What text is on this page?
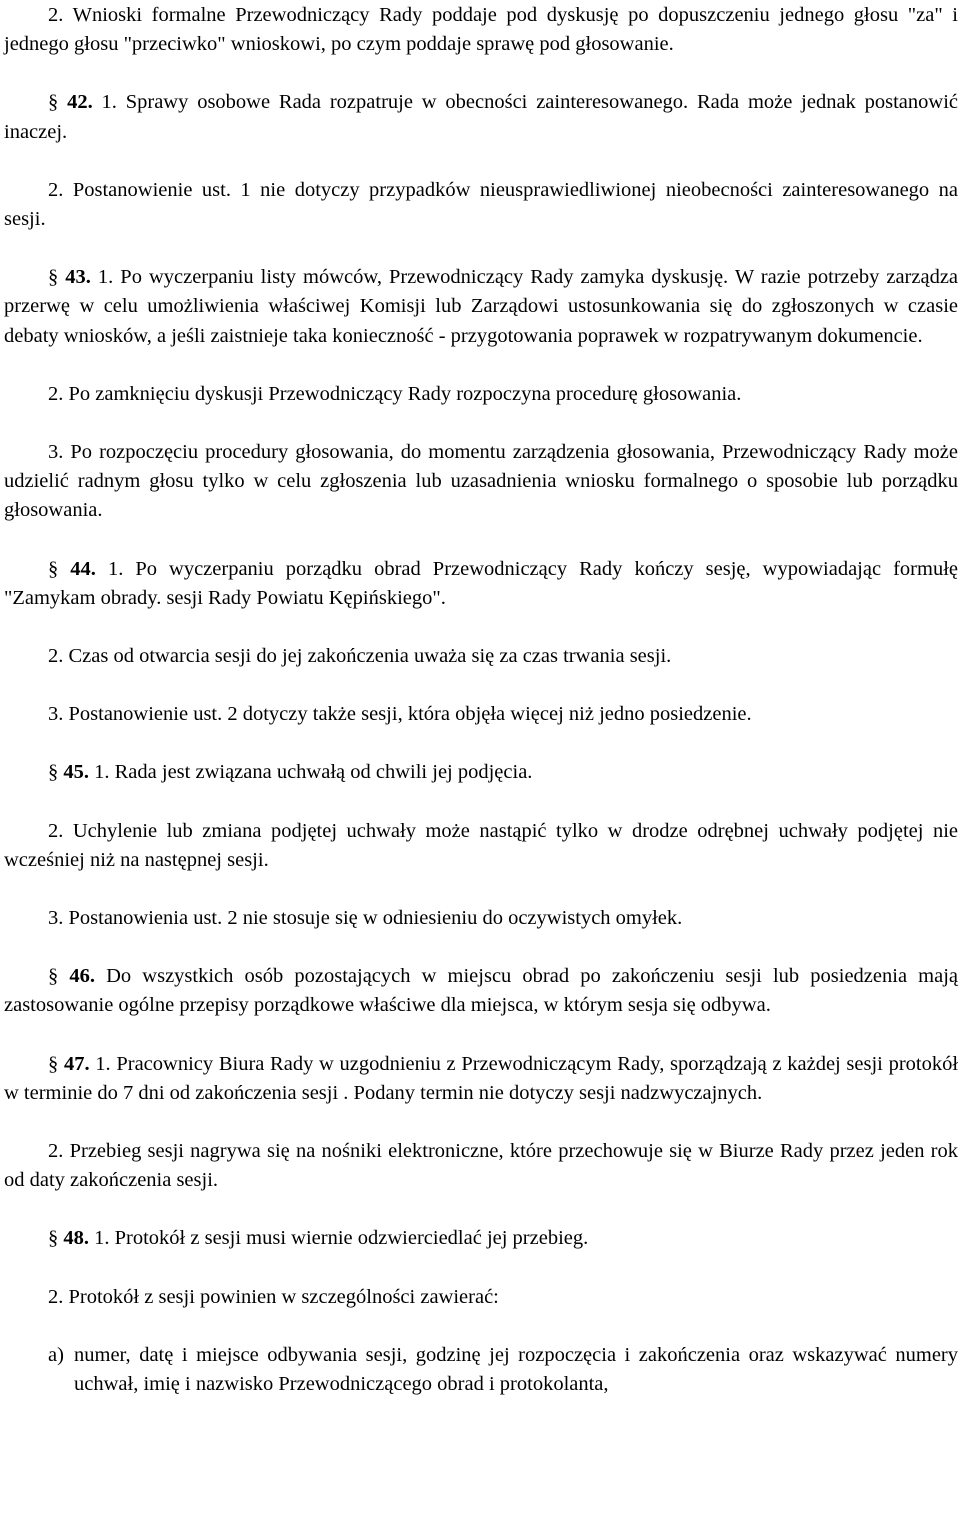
2. Wnioski formalne Przewodniczący Rady poddaje pod dyskusję po dopuszczeniu jednego głosu "za" i jednego głosu "przeciwko" wnioskowi, po czym poddaje sprawę pod głosowanie.

§ 42. 1. Sprawy osobowe Rada rozpatruje w obecności zainteresowanego. Rada może jednak postanowić inaczej.

2. Postanowienie ust. 1 nie dotyczy przypadków nieusprawiedliwionej nieobecności zainteresowanego na sesji.

§ 43. 1. Po wyczerpaniu listy mówców, Przewodniczący Rady zamyka dyskusję. W razie potrzeby zarządza przerwę w celu umożliwienia właściwej Komisji lub Zarządowi ustosunkowania się do zgłoszonych w czasie debaty wniosków, a jeśli zaistnieje taka konieczność - przygotowania poprawek w rozpatrywanym dokumencie.

2. Po zamknięciu dyskusji Przewodniczący Rady rozpoczyna procedurę głosowania.

3. Po rozpoczęciu procedury głosowania, do momentu zarządzenia głosowania, Przewodniczący Rady może udzielić radnym głosu tylko w celu zgłoszenia lub uzasadnienia wniosku formalnego o sposobie lub porządku głosowania.

§ 44. 1. Po wyczerpaniu porządku obrad Przewodniczący Rady kończy sesję, wypowiadając formułę "Zamykam obrady. sesji Rady Powiatu Kępińskiego".

2. Czas od otwarcia sesji do jej zakończenia uważa się za czas trwania sesji.

3. Postanowienie ust. 2 dotyczy także sesji, która objęła więcej niż jedno posiedzenie.

§ 45. 1. Rada jest związana uchwałą od chwili jej podjęcia.

2. Uchylenie lub zmiana podjętej uchwały może nastąpić tylko w drodze odrębnej uchwały podjętej nie wcześniej niż na następnej sesji.

3. Postanowienia ust. 2 nie stosuje się w odniesieniu do oczywistych omyłek.

§ 46. Do wszystkich osób pozostających w miejscu obrad po zakończeniu sesji lub posiedzenia mają zastosowanie ogólne przepisy porządkowe właściwe dla miejsca, w którym sesja się odbywa.

§ 47. 1. Pracownicy Biura Rady w uzgodnieniu z Przewodniczącym Rady, sporządzają z każdej sesji protokół w terminie do 7 dni od zakończenia sesji . Podany termin nie dotyczy sesji nadzwyczajnych.

2. Przebieg sesji nagrywa się na nośniki elektroniczne, które przechowuje się w Biurze Rady przez jeden rok od daty zakończenia sesji.

§ 48. 1. Protokół z sesji musi wiernie odzwierciedlać jej przebieg.

2. Protokół z sesji powinien w szczególności zawierać:

a) numer, datę i miejsce odbywania sesji, godzinę jej rozpoczęcia i zakończenia oraz wskazywać numery uchwał, imię i nazwisko Przewodniczącego obrad i protokolanta,
